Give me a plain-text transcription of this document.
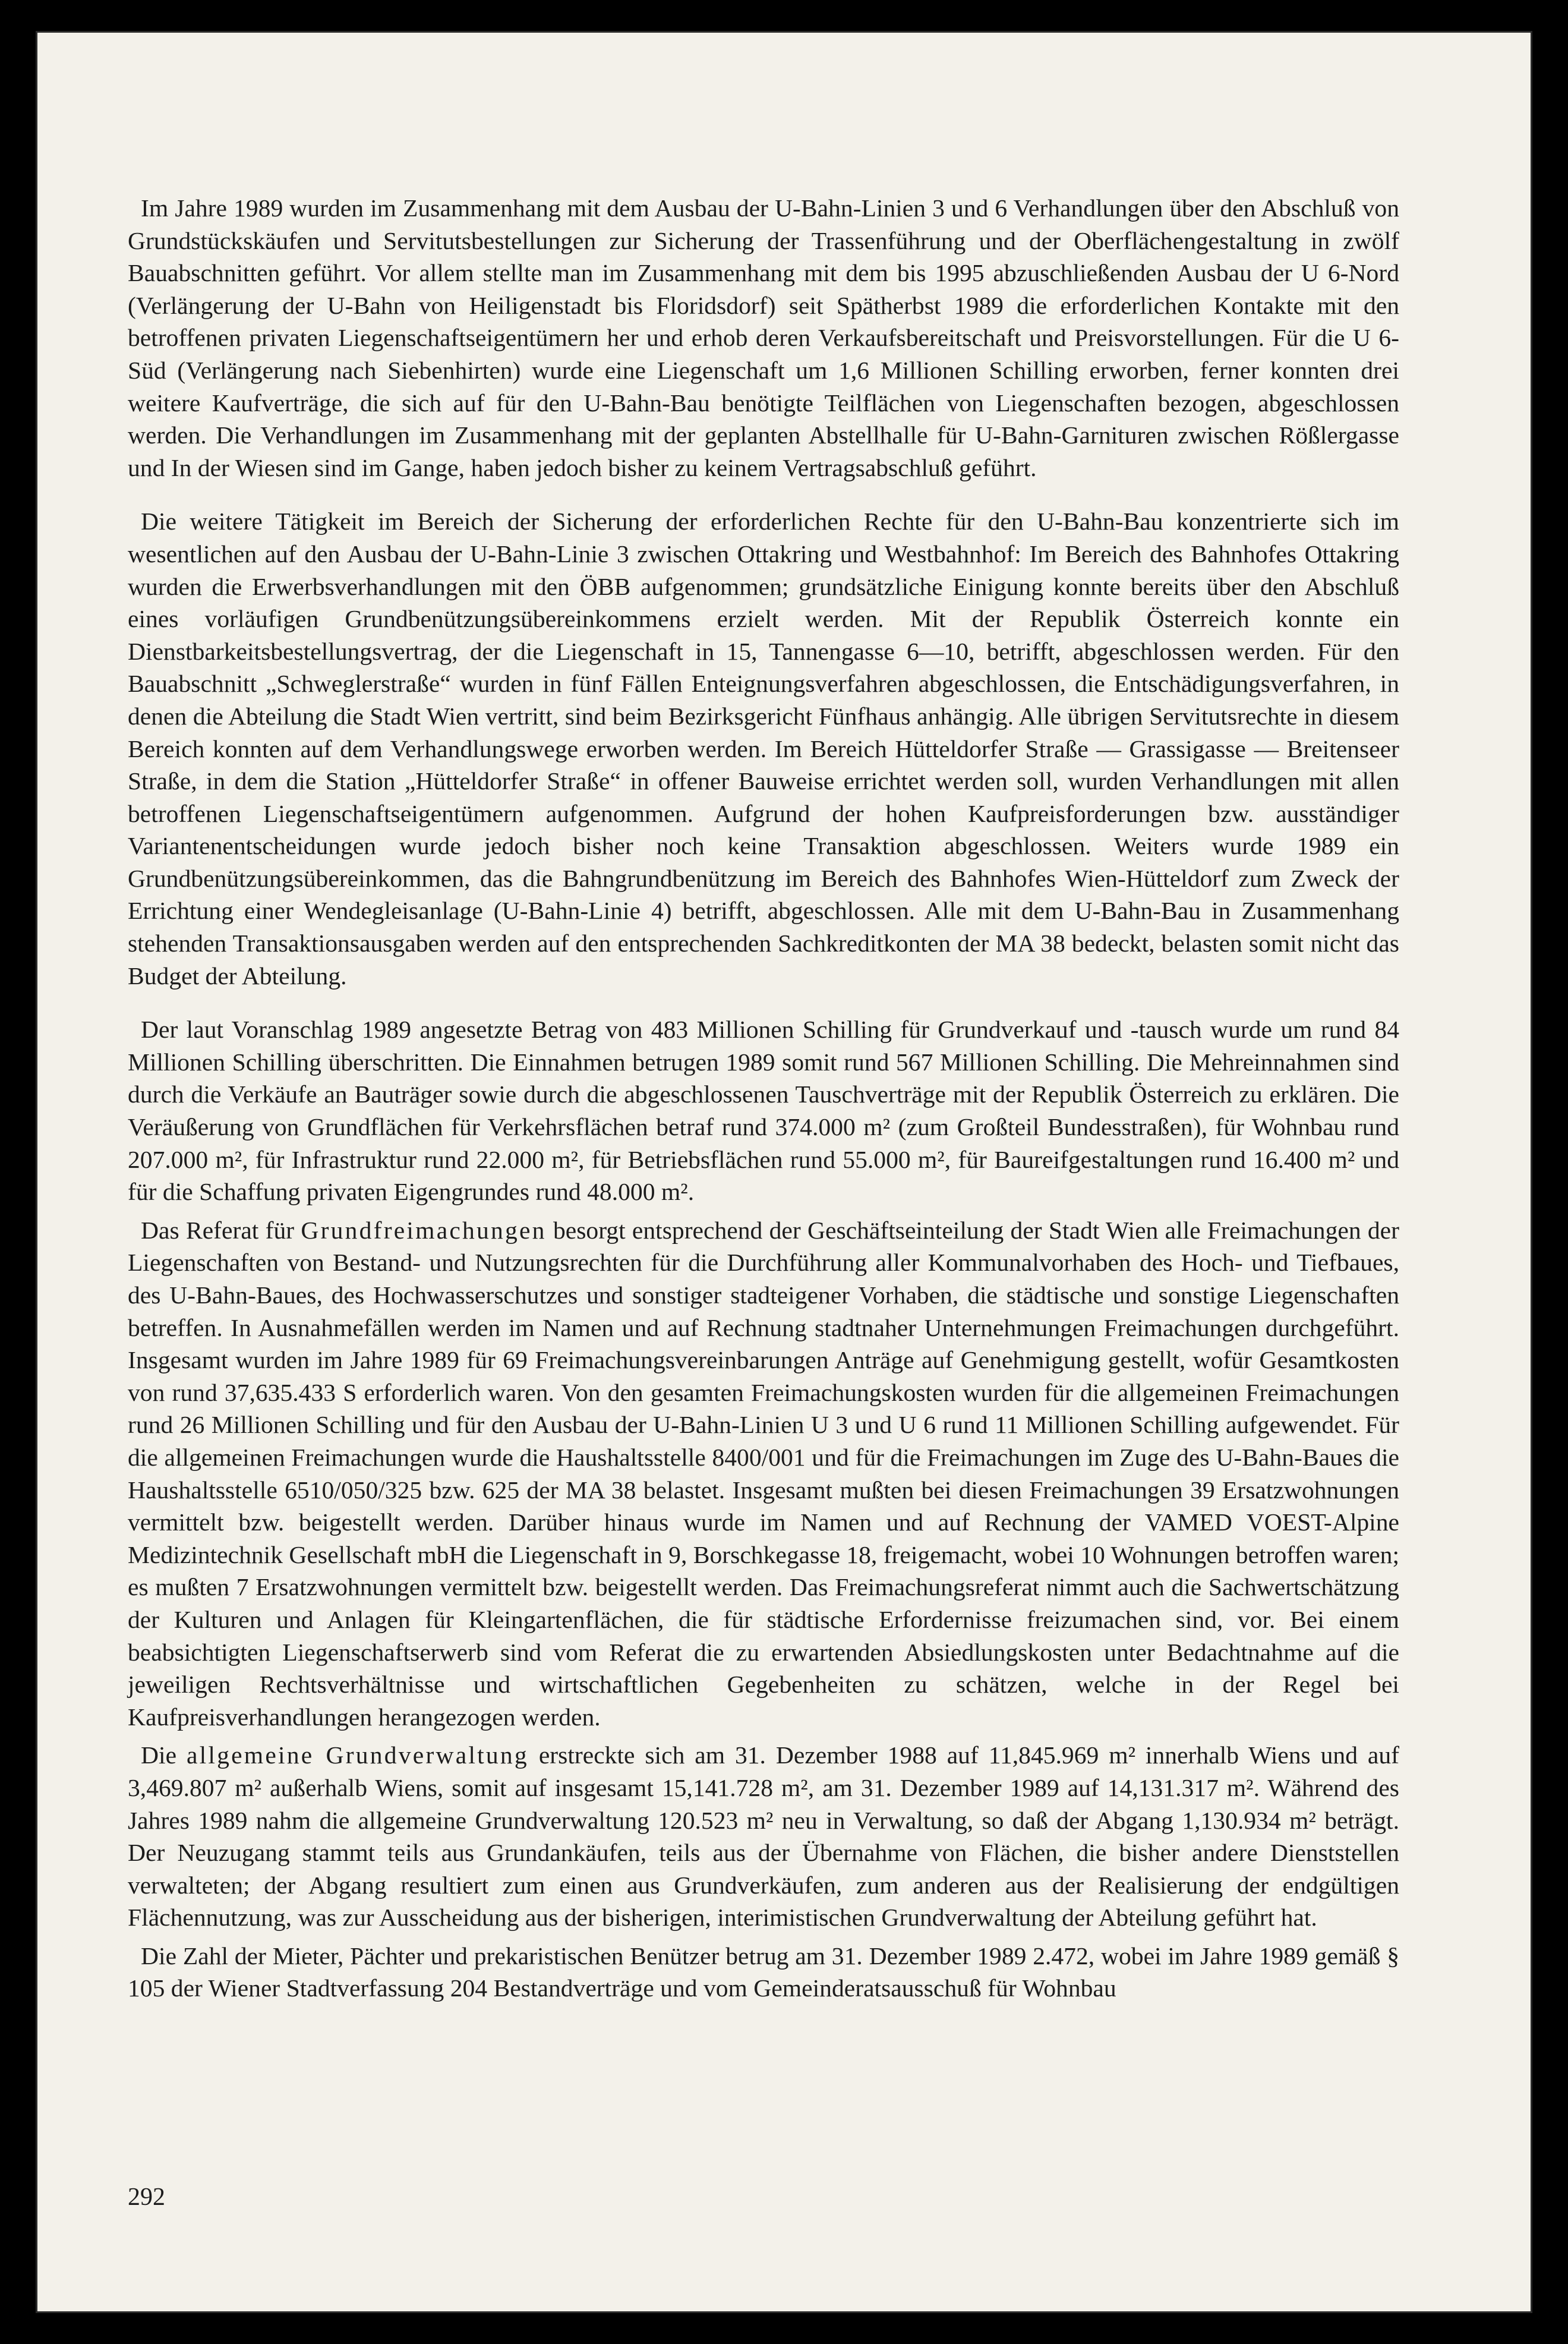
Im Jahre 1989 wurden im Zusammenhang mit dem Ausbau der U-Bahn-Linien 3 und 6 Verhandlungen über den Abschluß von Grundstückskäufen und Servitutsbestellungen zur Sicherung der Trassenführung und der Oberflächengestaltung in zwölf Bauabschnitten geführt. Vor allem stellte man im Zusammenhang mit dem bis 1995 abzuschließenden Ausbau der U 6-Nord (Verlängerung der U-Bahn von Heiligenstadt bis Floridsdorf) seit Spätherbst 1989 die erforderlichen Kontakte mit den betroffenen privaten Liegenschaftseigentümern her und erhob deren Verkaufsbereitschaft und Preisvorstellungen. Für die U 6-Süd (Verlängerung nach Siebenhirten) wurde eine Liegenschaft um 1,6 Millionen Schilling erworben, ferner konnten drei weitere Kaufverträge, die sich auf für den U-Bahn-Bau benötigte Teilflächen von Liegenschaften bezogen, abgeschlossen werden. Die Verhandlungen im Zusammenhang mit der geplanten Abstellhalle für U-Bahn-Garnituren zwischen Rößlergasse und In der Wiesen sind im Gange, haben jedoch bisher zu keinem Vertragsabschluß geführt.

Die weitere Tätigkeit im Bereich der Sicherung der erforderlichen Rechte für den U-Bahn-Bau konzentrierte sich im wesentlichen auf den Ausbau der U-Bahn-Linie 3 zwischen Ottakring und Westbahnhof: Im Bereich des Bahnhofes Ottakring wurden die Erwerbsverhandlungen mit den ÖBB aufgenommen; grundsätzliche Einigung konnte bereits über den Abschluß eines vorläufigen Grundbenützungsübereinkommens erzielt werden. Mit der Republik Österreich konnte ein Dienstbarkeitsbestellungsvertrag, der die Liegenschaft in 15, Tannengasse 6—10, betrifft, abgeschlossen werden. Für den Bauabschnitt „Schweglerstraße“ wurden in fünf Fällen Enteignungsverfahren abgeschlossen, die Entschädigungsverfahren, in denen die Abteilung die Stadt Wien vertritt, sind beim Bezirksgericht Fünfhaus anhängig. Alle übrigen Servitutsrechte in diesem Bereich konnten auf dem Verhandlungswege erworben werden. Im Bereich Hütteldorfer Straße — Grassigasse — Breitenseer Straße, in dem die Station „Hütteldorfer Straße“ in offener Bauweise errichtet werden soll, wurden Verhandlungen mit allen betroffenen Liegenschaftseigentümern aufgenommen. Aufgrund der hohen Kaufpreisforderungen bzw. ausständiger Variantenentscheidungen wurde jedoch bisher noch keine Transaktion abgeschlossen. Weiters wurde 1989 ein Grundbenützungsübereinkommen, das die Bahngrundbenützung im Bereich des Bahnhofes Wien-Hütteldorf zum Zweck der Errichtung einer Wendegleisanlage (U-Bahn-Linie 4) betrifft, abgeschlossen. Alle mit dem U-Bahn-Bau in Zusammenhang stehenden Transaktionsausgaben werden auf den entsprechenden Sachkreditkonten der MA 38 bedeckt, belasten somit nicht das Budget der Abteilung.

Der laut Voranschlag 1989 angesetzte Betrag von 483 Millionen Schilling für Grundverkauf und -tausch wurde um rund 84 Millionen Schilling überschritten. Die Einnahmen betrugen 1989 somit rund 567 Millionen Schilling. Die Mehreinnahmen sind durch die Verkäufe an Bauträger sowie durch die abgeschlossenen Tauschverträge mit der Republik Österreich zu erklären. Die Veräußerung von Grundflächen für Verkehrsflächen betraf rund 374.000 m² (zum Großteil Bundesstraßen), für Wohnbau rund 207.000 m², für Infrastruktur rund 22.000 m², für Betriebsflächen rund 55.000 m², für Baureifgestaltungen rund 16.400 m² und für die Schaffung privaten Eigengrundes rund 48.000 m².

Das Referat für Grundfreimachungen besorgt entsprechend der Geschäftseinteilung der Stadt Wien alle Freimachungen der Liegenschaften von Bestand- und Nutzungsrechten für die Durchführung aller Kommunalvorhaben des Hoch- und Tiefbaues, des U-Bahn-Baues, des Hochwasserschutzes und sonstiger stadteigener Vorhaben, die städtische und sonstige Liegenschaften betreffen. In Ausnahmefällen werden im Namen und auf Rechnung stadtnaher Unternehmungen Freimachungen durchgeführt. Insgesamt wurden im Jahre 1989 für 69 Freimachungsvereinbarungen Anträge auf Genehmigung gestellt, wofür Gesamtkosten von rund 37,635.433 S erforderlich waren. Von den gesamten Freimachungskosten wurden für die allgemeinen Freimachungen rund 26 Millionen Schilling und für den Ausbau der U-Bahn-Linien U 3 und U 6 rund 11 Millionen Schilling aufgewendet. Für die allgemeinen Freimachungen wurde die Haushaltsstelle 8400/001 und für die Freimachungen im Zuge des U-Bahn-Baues die Haushaltsstelle 6510/050/325 bzw. 625 der MA 38 belastet. Insgesamt mußten bei diesen Freimachungen 39 Ersatzwohnungen vermittelt bzw. beigestellt werden. Darüber hinaus wurde im Namen und auf Rechnung der VAMED VOEST-Alpine Medizintechnik Gesellschaft mbH die Liegenschaft in 9, Borschkegasse 18, freigemacht, wobei 10 Wohnungen betroffen waren; es mußten 7 Ersatzwohnungen vermittelt bzw. beigestellt werden. Das Freimachungsreferat nimmt auch die Sachwertschätzung der Kulturen und Anlagen für Kleingartenflächen, die für städtische Erfordernisse freizumachen sind, vor. Bei einem beabsichtigten Liegenschaftserwerb sind vom Referat die zu erwartenden Absiedlungskosten unter Bedachtnahme auf die jeweiligen Rechtsverhältnisse und wirtschaftlichen Gegebenheiten zu schätzen, welche in der Regel bei Kaufpreisverhandlungen herangezogen werden.

Die allgemeine Grundverwaltung erstreckte sich am 31. Dezember 1988 auf 11,845.969 m² innerhalb Wiens und auf 3,469.807 m² außerhalb Wiens, somit auf insgesamt 15,141.728 m², am 31. Dezember 1989 auf 14,131.317 m². Während des Jahres 1989 nahm die allgemeine Grundverwaltung 120.523 m² neu in Verwaltung, so daß der Abgang 1,130.934 m² beträgt. Der Neuzugang stammt teils aus Grundankäufen, teils aus der Übernahme von Flächen, die bisher andere Dienststellen verwalteten; der Abgang resultiert zum einen aus Grundverkäufen, zum anderen aus der Realisierung der endgültigen Flächennutzung, was zur Ausscheidung aus der bisherigen, interimistischen Grundverwaltung der Abteilung geführt hat.

Die Zahl der Mieter, Pächter und prekaristischen Benützer betrug am 31. Dezember 1989 2.472, wobei im Jahre 1989 gemäß § 105 der Wiener Stadtverfassung 204 Bestandverträge und vom Gemeinderatsausschuß für Wohnbau

292
